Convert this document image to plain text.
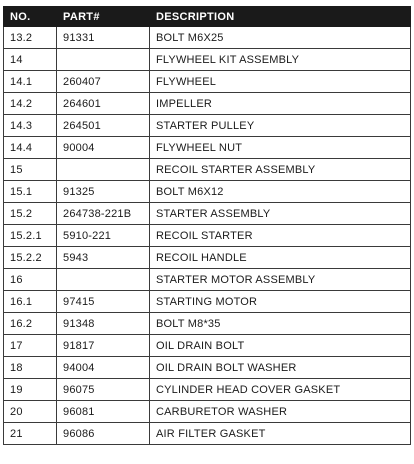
NO.	PART#	DESCRIPTION
13.2	91331	BOLT M6X25
14		FLYWHEEL KIT ASSEMBLY
14.1	260407	FLYWHEEL
14.2	264601	IMPELLER
14.3	264501	STARTER PULLEY
14.4	90004	FLYWHEEL NUT
15		RECOIL STARTER ASSEMBLY
15.1	91325	BOLT M6X12
15.2	264738-221B	STARTER ASSEMBLY
15.2.1	5910-221	RECOIL STARTER
15.2.2	5943	RECOIL HANDLE
16		STARTER MOTOR ASSEMBLY
16.1	97415	STARTING MOTOR
16.2	91348	BOLT M8*35
17	91817	OIL DRAIN BOLT
18	94004	OIL DRAIN BOLT WASHER
19	96075	CYLINDER HEAD COVER GASKET
20	96081	CARBURETOR WASHER
21	96086	AIR FILTER GASKET
